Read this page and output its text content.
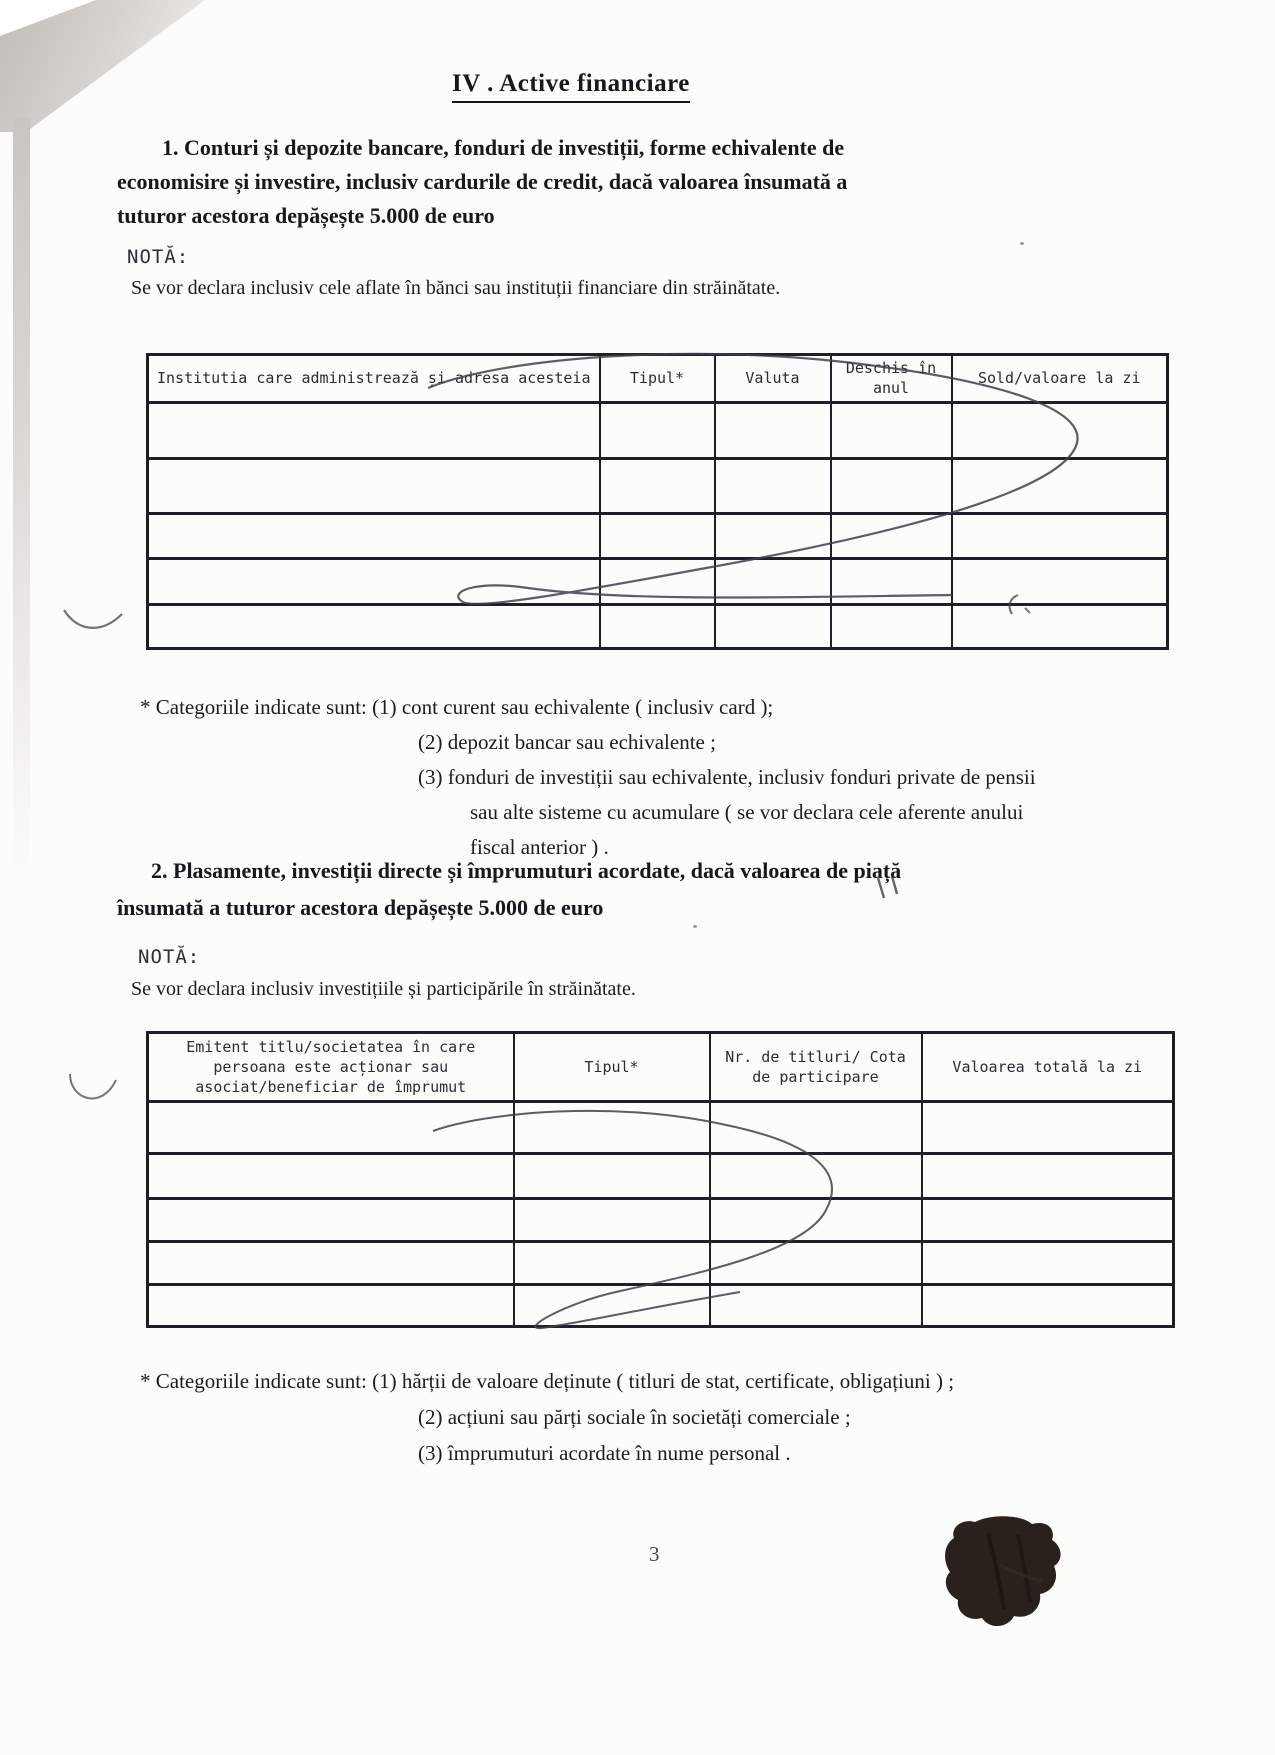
IV . Active financiare
1. Conturi și depozite bancare, fonduri de investiții, forme echivalente de
economisire și investire, inclusiv cardurile de credit, dacă valoarea însumată a
tuturor acestora depășește 5.000 de euro
NOTĂ:
Se vor declara inclusiv cele aflate în bănci sau instituții financiare din străinătate.
Institutia care administrează și adresa acesteia	Tipul*	Valuta	Deschis în anul	Sold/valoare la zi

* Categoriile indicate sunt: (1) cont curent sau echivalente ( inclusiv card );
(2) depozit bancar sau echivalente ;
(3) fonduri de investiții sau echivalente, inclusiv fonduri private de pensii
sau alte sisteme cu acumulare ( se vor declara cele aferente anului
fiscal anterior ) .
2. Plasamente, investiții directe și împrumuturi acordate, dacă valoarea de piață
însumată a tuturor acestora depășește 5.000 de euro
NOTĂ:
Se vor declara inclusiv investițiile și participările în străinătate.
Emitent titlu/societatea în care persoana este acționar sau asociat/beneficiar de împrumut	Tipul*	Nr. de titluri/ Cota de participare	Valoarea totală la zi

* Categoriile indicate sunt: (1) hărții de valoare deținute ( titluri de stat, certificate, obligațiuni ) ;
(2) acțiuni sau părți sociale în societăți comerciale ;
(3) împrumuturi acordate în nume personal .
3
